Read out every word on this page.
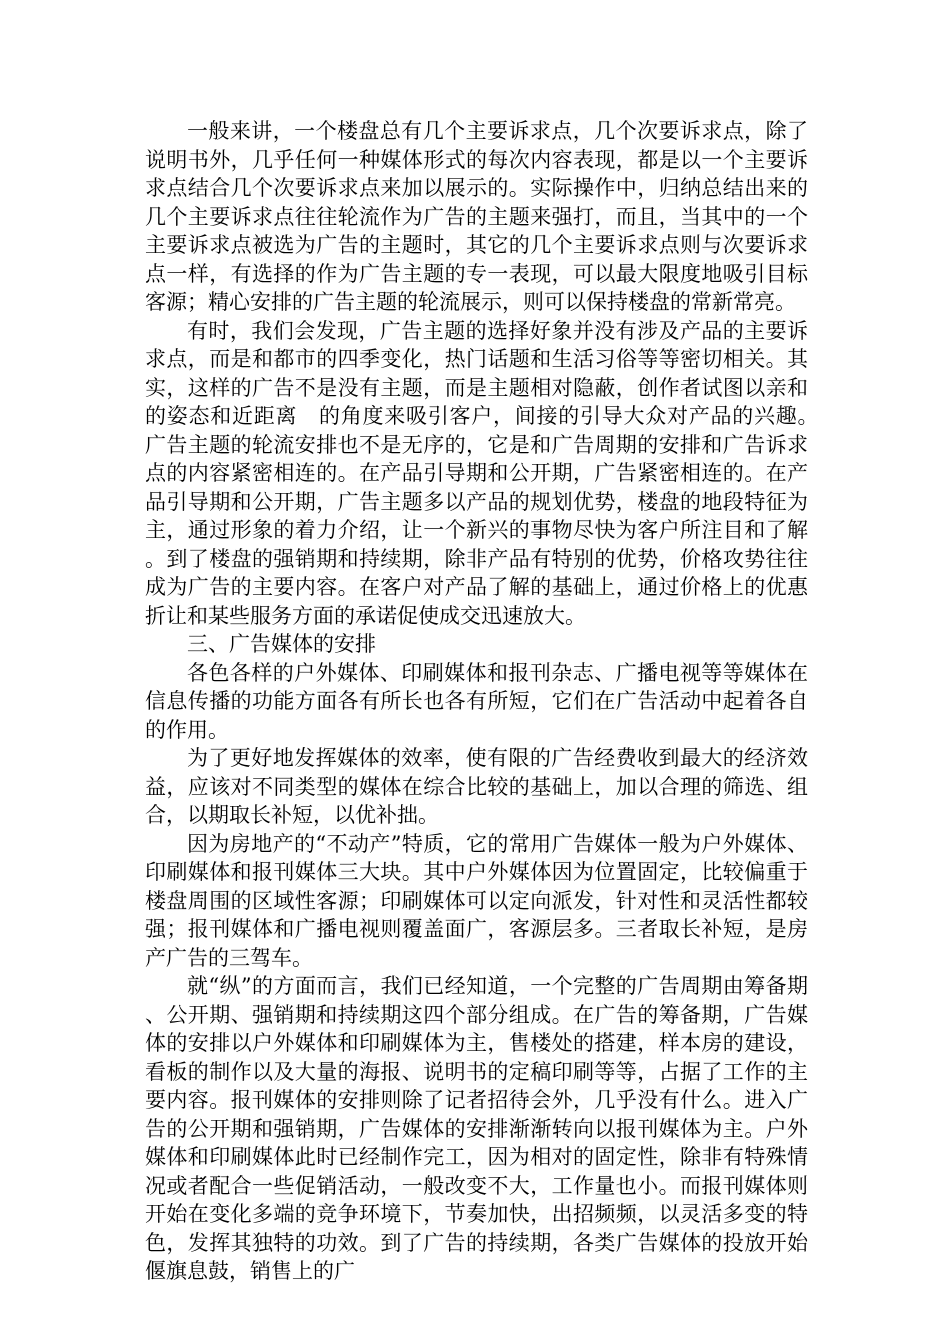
一般来讲，一个楼盘总有几个主要诉求点，几个次要诉求点，除了说明书外，几乎任何一种媒体形式的每次内容表现，都是以一个主要诉求点结合几个次要诉求点来加以展示的。实际操作中，归纳总结出来的几个主要诉求点往往轮流作为广告的主题来强打，而且，当其中的一个主要诉求点被选为广告的主题时，其它的几个主要诉求点则与次要诉求点一样，有选择的作为广告主题的专一表现，可以最大限度地吸引目标客源；精心安排的广告主题的轮流展示，则可以保持楼盘的常新常亮。

有时，我们会发现，广告主题的选择好象并没有涉及产品的主要诉求点，而是和都市的四季变化，热门话题和生活习俗等等密切相关。其实，这样的广告不是没有主题，而是主题相对隐蔽，创作者试图以亲和的姿态和近距离　的角度来吸引客户，间接的引导大众对产品的兴趣。　广告主题的轮流安排也不是无序的，它是和广告周期的安排和广告诉求点的内容紧密相连的。在产品引导期和公开期，广告紧密相连的。在产品引导期和公开期，广告主题多以产品的规划优势，楼盘的地段特征为主，通过形象的着力介绍，让一个新兴的事物尽快为客户所注目和了解。到了楼盘的强销期和持续期，除非产品有特别的优势，价格攻势往往成为广告的主要内容。在客户对产品了解的基础上，通过价格上的优惠折让和某些服务方面的承诺促使成交迅速放大。

三、广告媒体的安排

各色各样的户外媒体、印刷媒体和报刊杂志、广播电视等等媒体在信息传播的功能方面各有所长也各有所短，它们在广告活动中起着各自的作用。

为了更好地发挥媒体的效率，使有限的广告经费收到最大的经济效益，应该对不同类型的媒体在综合比较的基础上，加以合理的筛选、组合，以期取长补短，以优补拙。

因为房地产的“不动产”特质，它的常用广告媒体一般为户外媒体、印刷媒体和报刊媒体三大块。其中户外媒体因为位置固定，比较偏重于楼盘周围的区域性客源；印刷媒体可以定向派发，针对性和灵活性都较强；报刊媒体和广播电视则覆盖面广，客源层多。三者取长补短，是房产广告的三驾车。

就“纵”的方面而言，我们已经知道，一个完整的广告周期由筹备期、公开期、强销期和持续期这四个部分组成。在广告的筹备期，广告媒体的安排以户外媒体和印刷媒体为主，售楼处的搭建，样本房的建设，看板的制作以及大量的海报、说明书的定稿印刷等等，占据了工作的主要内容。报刊媒体的安排则除了记者招待会外，几乎没有什么。进入广告的公开期和强销期，广告媒体的安排渐渐转向以报刊媒体为主。户外媒体和印刷媒体此时已经制作完工，因为相对的固定性，除非有特殊情况或者配合一些促销活动，一般改变不大，工作量也小。而报刊媒体则开始在变化多端的竞争环境下，节奏加快，出招频频，以灵活多变的特色，发挥其独特的功效。到了广告的持续期，各类广告媒体的投放开始偃旗息鼓，销售上的广
